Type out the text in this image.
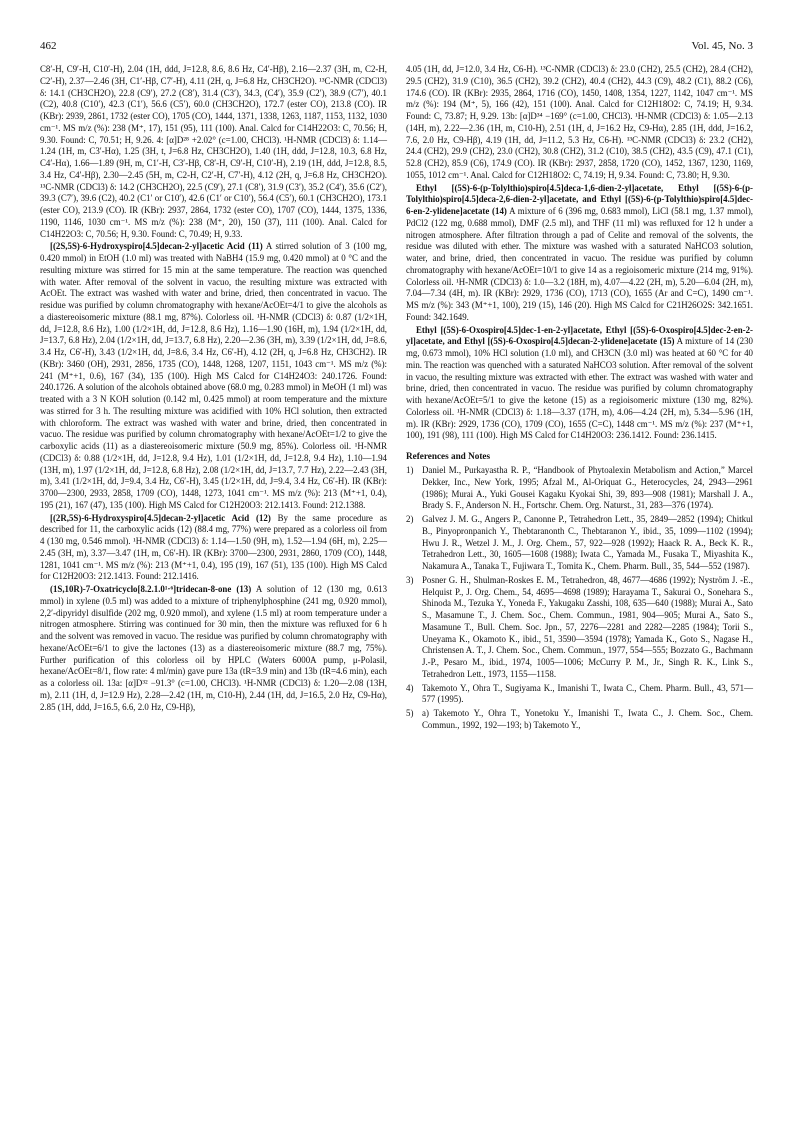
462	Vol. 45, No. 3

C8′-H, C9′-H, C10′-H), 2.04 (1H, ddd, J=12.8, 8.6, 8.6 Hz, C4′-Hβ), 2.16—2.37 (3H, m, C2-H, C2′-H), 2.37—2.46 (3H, C1′-Hβ, C7′-H), 4.11 (2H, q, J=6.8 Hz, CH3CH2O). ¹³C-NMR (CDCl3) δ: 14.1 (CH3CH2O), 22.8 (C9′), 27.2 (C8′), 31.4 (C3′), 34.3, (C4′), 35.9 (C2′), 38.9 (C7′), 40.1 (C2), 40.8 (C10′), 42.3 (C1′), 56.6 (C5′), 60.0 (CH3CH2O), 172.7 (ester CO), 213.8 (CO). IR (KBr): 2939, 2861, 1732 (ester CO), 1705 (CO), 1444, 1371, 1338, 1263, 1187, 1153, 1132, 1030 cm⁻¹. MS m/z (%): 238 (M⁺, 17), 151 (95), 111 (100). Anal. Calcd for C14H22O3: C, 70.56; H, 9.30. Found: C, 70.51; H, 9.26. 4: [α]D²⁸ +2.02° (c=1.00, CHCl3). ¹H-NMR (CDCl3) δ: 1.14—1.24 (1H, m, C3′-Hα), 1.25 (3H, t, J=6.8 Hz, CH3CH2O), 1.40 (1H, ddd, J=12.8, 10.3, 6.8 Hz, C4′-Hα), 1.66—1.89 (9H, m, C1′-H, C3′-Hβ, C8′-H, C9′-H, C10′-H), 2.19 (1H, ddd, J=12.8, 8.5, 3.4 Hz, C4′-Hβ), 2.30—2.45 (5H, m, C2-H, C2′-H, C7′-H), 4.12 (2H, q, J=6.8 Hz, CH3CH2O). ¹³C-NMR (CDCl3) δ: 14.2 (CH3CH2O), 22.5 (C9′), 27.1 (C8′), 31.9 (C3′), 35.2 (C4′), 35.6 (C2′), 39.3 (C7′), 39.6 (C2), 40.2 (C1′ or C10′), 42.6 (C1′ or C10′), 56.4 (C5′), 60.1 (CH3CH2O), 173.1 (ester CO), 213.9 (CO). IR (KBr): 2937, 2864, 1732 (ester CO), 1707 (CO), 1444, 1375, 1336, 1190, 1146, 1030 cm⁻¹. MS m/z (%): 238 (M⁺, 20), 150 (37), 111 (100). Anal. Calcd for C14H22O3: C, 70.56; H, 9.30. Found: C, 70.49; H, 9.33.

[(2S,5S)-6-Hydroxyspiro[4.5]decan-2-yl]acetic Acid (11) A stirred solution of 3 (100 mg, 0.420 mmol) in EtOH (1.0 ml) was treated with NaBH4 (15.9 mg, 0.420 mmol) at 0 °C and the resulting mixture was stirred for 15 min at the same temperature. The reaction was quenched with water. After removal of the solvent in vacuo, the resulting mixture was extracted with AcOEt. The extract was washed with water and brine, dried, then concentrated in vacuo. The residue was purified by column chromatography with hexane/AcOEt=4/1 to give the alcohols as a diastereoisomeric mixture (88.1 mg, 87%). Colorless oil. ¹H-NMR (CDCl3) δ: 0.87 (1/2×1H, dd, J=12.8, 8.6 Hz), 1.00 (1/2×1H, dd, J=12.8, 8.6 Hz), 1.16—1.90 (16H, m), 1.94 (1/2×1H, dd, J=13.7, 6.8 Hz), 2.04 (1/2×1H, dd, J=13.7, 6.8 Hz), 2.20—2.36 (3H, m), 3.39 (1/2×1H, dd, J=8.6, 3.4 Hz, C6′-H), 3.43 (1/2×1H, dd, J=8.6, 3.4 Hz, C6′-H), 4.12 (2H, q, J=6.8 Hz, CH3CH2). IR (KBr): 3460 (OH), 2931, 2856, 1735 (CO), 1448, 1268, 1207, 1151, 1043 cm⁻¹. MS m/z (%): 241 (M⁺+1, 0.6), 167 (34), 135 (100). High MS Calcd for C14H24O3: 240.1726. Found: 240.1726. A solution of the alcohols obtained above (68.0 mg, 0.283 mmol) in MeOH (1 ml) was treated with a 3 N KOH solution (0.142 ml, 0.425 mmol) at room temperature and the mixture was stirred for 3 h. The resulting mixture was acidified with 10% HCl solution, then extracted with chloroform. The extract was washed with water and brine, dried, then concentrated in vacuo. The residue was purified by column chromatography with hexane/AcOEt=1/2 to give the carboxylic acids (11) as a diastereoisomeric mixture (50.9 mg, 85%). Colorless oil. ¹H-NMR (CDCl3) δ: 0.88 (1/2×1H, dd, J=12.8, 9.4 Hz), 1.01 (1/2×1H, dd, J=12.8, 9.4 Hz), 1.10—1.94 (13H, m), 1.97 (1/2×1H, dd, J=12.8, 6.8 Hz), 2.08 (1/2×1H, dd, J=13.7, 7.7 Hz), 2.22—2.43 (3H, m), 3.41 (1/2×1H, dd, J=9.4, 3.4 Hz, C6′-H), 3.45 (1/2×1H, dd, J=9.4, 3.4 Hz, C6′-H). IR (KBr): 3700—2300, 2933, 2858, 1709 (CO), 1448, 1273, 1041 cm⁻¹. MS m/z (%): 213 (M⁺+1, 0.4), 195 (21), 167 (47), 135 (100). High MS Calcd for C12H20O3: 212.1413. Found: 212.1388.

[(2R,5S)-6-Hydroxyspiro[4.5]decan-2-yl]acetic Acid (12) By the same procedure as described for 11, the carboxylic acids (12) (88.4 mg, 77%) were prepared as a colorless oil from 4 (130 mg, 0.546 mmol). ¹H-NMR (CDCl3) δ: 1.14—1.50 (9H, m), 1.52—1.94 (6H, m), 2.25—2.45 (3H, m), 3.37—3.47 (1H, m, C6′-H). IR (KBr): 3700—2300, 2931, 2860, 1709 (CO), 1448, 1281, 1041 cm⁻¹. MS m/z (%): 213 (M⁺+1, 0.4), 195 (19), 167 (51), 135 (100). High MS Calcd for C12H20O3: 212.1413. Found: 212.1416.

(1S,10R)-7-Oxatricyclo[8.2.1.0¹·⁶]tridecan-8-one (13) A solution of 12 (130 mg, 0.613 mmol) in xylene (0.5 ml) was added to a mixture of triphenylphosphine (241 mg, 0.920 mmol), 2,2′-dipyridyl disulfide (202 mg, 0.920 mmol), and xylene (1.5 ml) at room temperature under a nitrogen atmosphere. Stirring was continued for 30 min, then the mixture was refluxed for 6 h and the solvent was removed in vacuo. The residue was purified by column chromatography with hexane/AcOEt=6/1 to give the lactones (13) as a diastereoisomeric mixture (88.7 mg, 75%). Further purification of this colorless oil by HPLC (Waters 6000A pump, μ-Polasil, hexane/AcOEt=8/1, flow rate: 4 ml/min) gave pure 13a (tR=3.9 min) and 13b (tR=4.6 min), each as a colorless oil. 13a: [α]D³² −91.3° (c=1.00, CHCl3). ¹H-NMR (CDCl3) δ: 1.20—2.08 (13H, m), 2.11 (1H, d, J=12.9 Hz), 2.28—2.42 (1H, m, C10-H), 2.44 (1H, dd, J=16.5, 2.0 Hz, C9-Hα), 2.85 (1H, ddd, J=16.5, 6.6, 2.0 Hz, C9-Hβ),

4.05 (1H, dd, J=12.0, 3.4 Hz, C6-H). ¹³C-NMR (CDCl3) δ: 23.0 (CH2), 25.5 (CH2), 28.4 (CH2), 29.5 (CH2), 31.9 (C10), 36.5 (CH2), 39.2 (CH2), 40.4 (CH2), 44.3 (C9), 48.2 (C1), 88.2 (C6), 174.6 (CO). IR (KBr): 2935, 2864, 1716 (CO), 1450, 1408, 1354, 1227, 1142, 1047 cm⁻¹. MS m/z (%): 194 (M⁺, 5), 166 (42), 151 (100). Anal. Calcd for C12H18O2: C, 74.19; H, 9.34. Found: C, 73.87; H, 9.29. 13b: [α]D³⁴ −169° (c=1.00, CHCl3). ¹H-NMR (CDCl3) δ: 1.05—2.13 (14H, m), 2.22—2.36 (1H, m, C10-H), 2.51 (1H, d, J=16.2 Hz, C9-Hα), 2.85 (1H, ddd, J=16.2, 7.6, 2.0 Hz, C9-Hβ), 4.19 (1H, dd, J=11.2, 5.3 Hz, C6-H). ¹³C-NMR (CDCl3) δ: 23.2 (CH2), 24.4 (CH2), 29.9 (CH2), 23.0 (CH2), 30.8 (CH2), 31.2 (C10), 38.5 (CH2), 43.5 (C9), 47.1 (C1), 52.8 (CH2), 85.9 (C6), 174.9 (CO). IR (KBr): 2937, 2858, 1720 (CO), 1452, 1367, 1230, 1169, 1055, 1012 cm⁻¹. Anal. Calcd for C12H18O2: C, 74.19; H, 9.34. Found: C, 73.80; H, 9.30.

Ethyl [(5S)-6-(p-Tolylthio)spiro[4.5]deca-1,6-dien-2-yl]acetate, Ethyl [(5S)-6-(p-Tolylthio)spiro[4.5]deca-2,6-dien-2-yl]acetate, and Ethyl [(5S)-6-(p-Tolylthio)spiro[4.5]dec-6-en-2-ylidene]acetate (14) A mixture of 6 (396 mg, 0.683 mmol), LiCl (58.1 mg, 1.37 mmol), PdCl2 (122 mg, 0.688 mmol), DMF (2.5 ml), and THF (11 ml) was refluxed for 12 h under a nitrogen atmosphere. After filtration through a pad of Celite and removal of the solvents, the residue was diluted with ether. The mixture was washed with a saturated NaHCO3 solution, water, and brine, dried, then concentrated in vacuo. The residue was purified by column chromatography with hexane/AcOEt=10/1 to give 14 as a regioisomeric mixture (214 mg, 91%). Colorless oil. ¹H-NMR (CDCl3) δ: 1.0—3.2 (18H, m), 4.07—4.22 (2H, m), 5.20—6.04 (2H, m), 7.04—7.34 (4H, m). IR (KBr): 2929, 1736 (CO), 1713 (CO), 1655 (Ar and C=C), 1490 cm⁻¹. MS m/z (%): 343 (M⁺+1, 100), 219 (15), 146 (20). High MS Calcd for C21H26O2S: 342.1651. Found: 342.1649.

Ethyl [(5S)-6-Oxospiro[4.5]dec-1-en-2-yl]acetate, Ethyl [(5S)-6-Oxospiro[4.5]dec-2-en-2-yl]acetate, and Ethyl [(5S)-6-Oxospiro[4.5]decan-2-ylidene]acetate (15) A mixture of 14 (230 mg, 0.673 mmol), 10% HCl solution (1.0 ml), and CH3CN (3.0 ml) was heated at 60 °C for 40 min. The reaction was quenched with a saturated NaHCO3 solution. After removal of the solvent in vacuo, the resulting mixture was extracted with ether. The extract was washed with water and brine, dried, then concentrated in vacuo. The residue was purified by column chromatography with hexane/AcOEt=5/1 to give the ketone (15) as a regioisomeric mixture (130 mg, 82%). Colorless oil. ¹H-NMR (CDCl3) δ: 1.18—3.37 (17H, m), 4.06—4.24 (2H, m), 5.34—5.96 (1H, m). IR (KBr): 2929, 1736 (CO), 1709 (CO), 1655 (C=C), 1448 cm⁻¹. MS m/z (%): 237 (M⁺+1, 100), 191 (98), 111 (100). High MS Calcd for C14H20O3: 236.1412. Found: 236.1415.

References and Notes
1) Daniel M., Purkayastha R. P., “Handbook of Phytoalexin Metabolism and Action,” Marcel Dekker, Inc., New York, 1995; Afzal M., Al-Oriquat G., Heterocycles, 24, 2943—2961 (1986); Murai A., Yuki Gousei Kagaku Kyokai Shi, 39, 893—908 (1981); Marshall J. A., Brady S. F., Anderson N. H., Fortschr. Chem. Org. Naturst., 31, 283—376 (1974).
2) Galvez J. M. G., Angers P., Canonne P., Tetrahedron Lett., 35, 2849—2852 (1994); Chitkul B., Pinyopronpanich Y., Thebtaranonth C., Thebtaranon Y., ibid., 35, 1099—1102 (1994); Hwu J. R., Wetzel J. M., J. Org. Chem., 57, 922—928 (1992); Haack R. A., Beck K. R., Tetrahedron Lett., 30, 1605—1608 (1988); Iwata C., Yamada M., Fusaka T., Miyashita K., Nakamura A., Tanaka T., Fujiwara T., Tomita K., Chem. Pharm. Bull., 35, 544—552 (1987).
3) Posner G. H., Shulman-Roskes E. M., Tetrahedron, 48, 4677—4686 (1992); Nyström J. -E., Helquist P., J. Org. Chem., 54, 4695—4698 (1989); Harayama T., Sakurai O., Sonehara S., Shinoda M., Tezuka Y., Yoneda F., Yakugaku Zasshi, 108, 635—640 (1988); Murai A., Sato S., Masamune T., J. Chem. Soc., Chem. Commun., 1981, 904—905; Murai A., Sato S., Masamune T., Bull. Chem. Soc. Jpn., 57, 2276—2281 and 2282—2285 (1984); Torii S., Uneyama K., Okamoto K., ibid., 51, 3590—3594 (1978); Yamada K., Goto S., Nagase H., Christensen A. T., J. Chem. Soc., Chem. Commun., 1977, 554—555; Bozzato G., Bachmann J.-P., Pesaro M., ibid., 1974, 1005—1006; McCurry P. M., Jr., Singh R. K., Link S., Tetrahedron Lett., 1973, 1155—1158.
4) Takemoto Y., Ohra T., Sugiyama K., Imanishi T., Iwata C., Chem. Pharm. Bull., 43, 571—577 (1995).
5) a) Takemoto Y., Ohra T., Yonetoku Y., Imanishi T., Iwata C., J. Chem. Soc., Chem. Commun., 1992, 192—193; b) Takemoto Y.,
